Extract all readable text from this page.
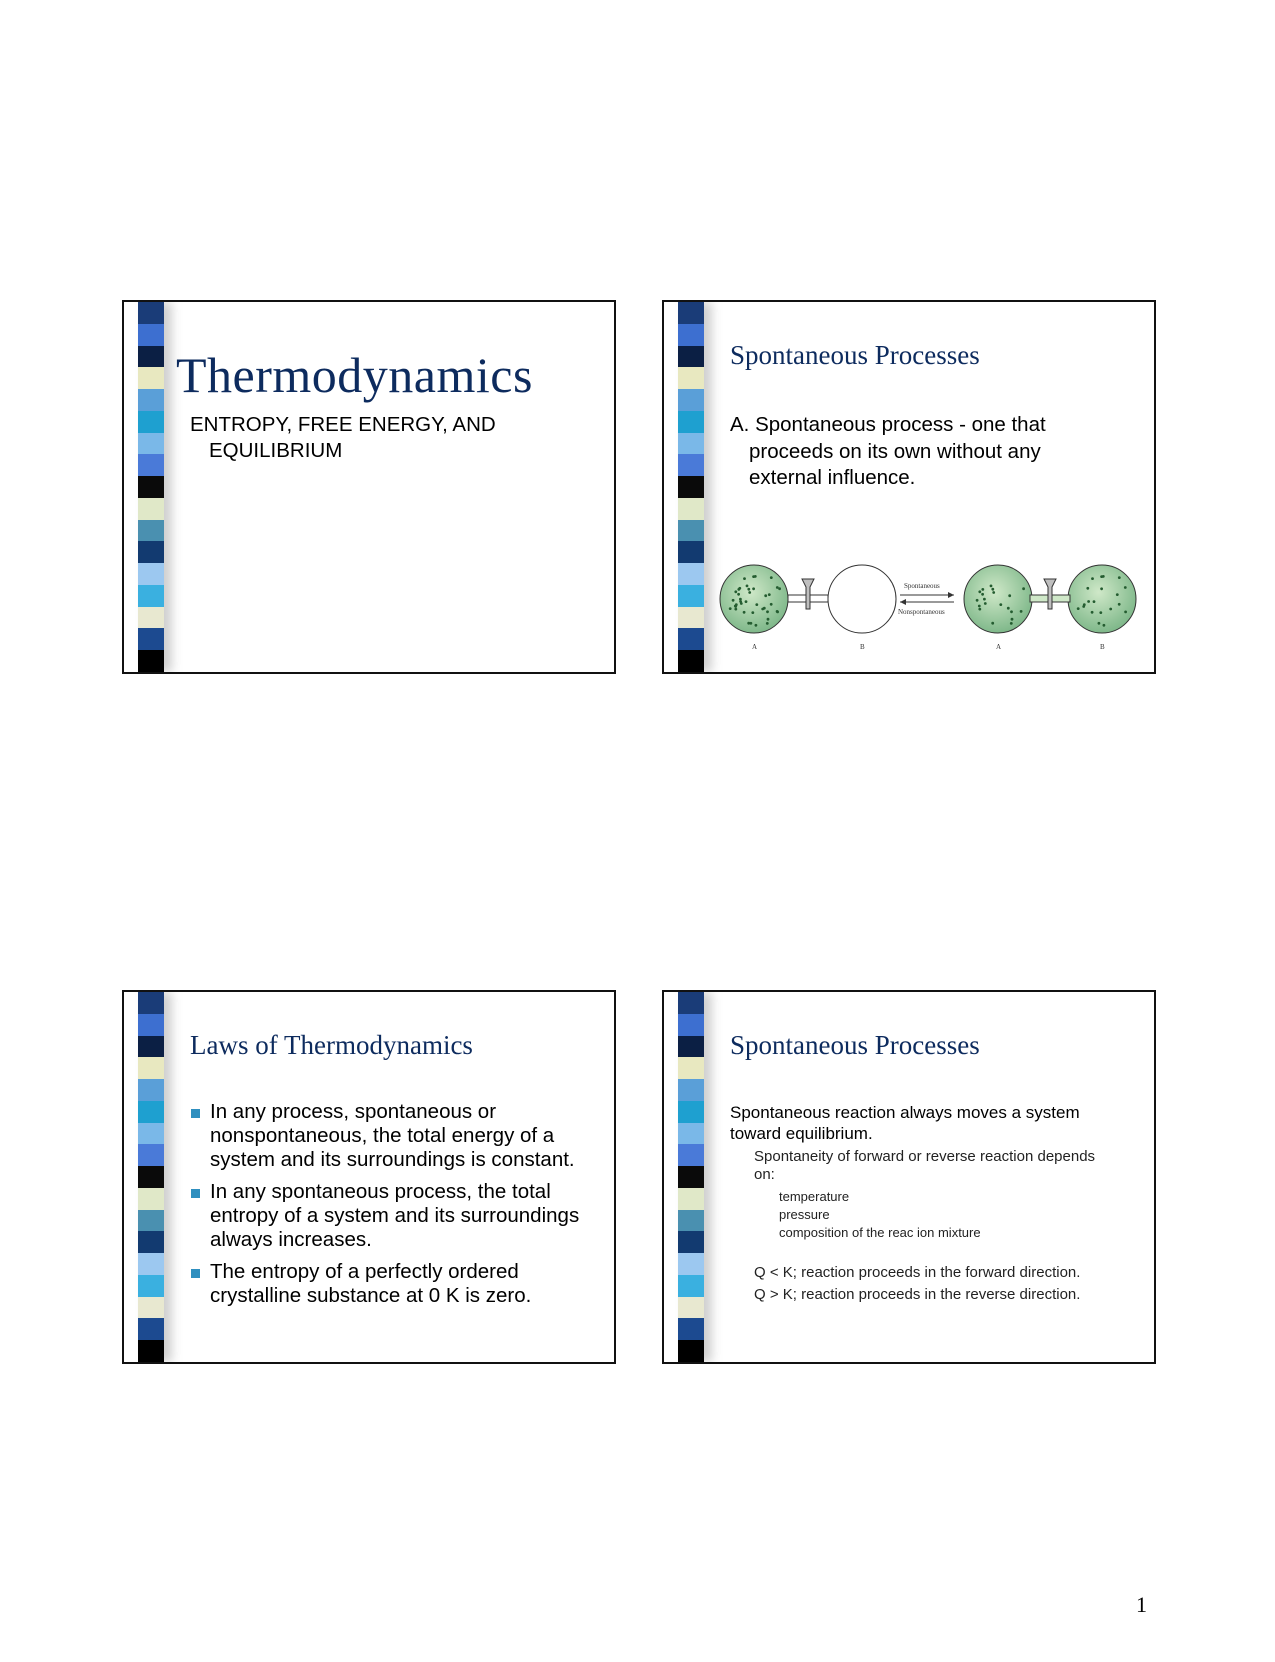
Thermodynamics
ENTROPY, FREE ENERGY, AND
EQUILIBRIUM
Spontaneous Processes
A. Spontaneous process - one that
proceeds on its own without any
external influence.
A	B
Spontaneous
Nonspontaneous
A	B
Laws of Thermodynamics
In any process, spontaneous or nonspontaneous, the total energy of a system and its surroundings is constant.
In any spontaneous process, the total entropy of a system and its surroundings always increases.
The entropy of a perfectly ordered crystalline substance at 0 K is zero.
Spontaneous Processes
Spontaneous reaction always moves a system
toward equilibrium.
Spontaneity of forward or reverse reaction depends
on:
temperature
pressure
composition of the reac ion mixture
Q < K; reaction proceeds in the forward direction.
Q > K; reaction proceeds in the reverse direction.
1
